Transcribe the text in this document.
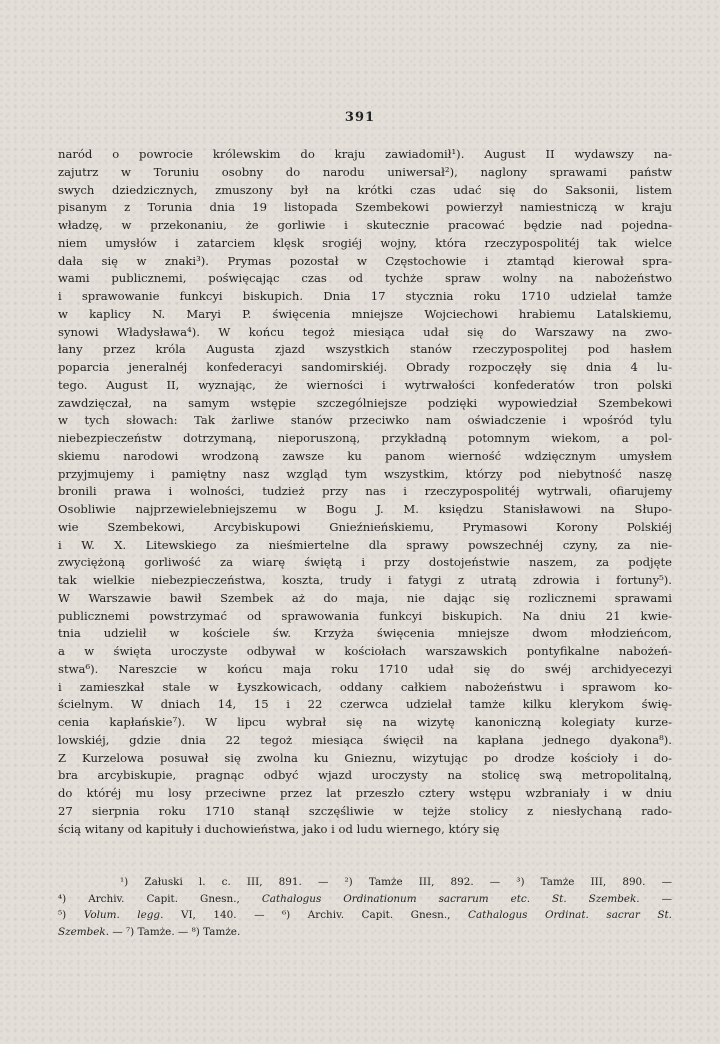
391
naród o powrocie królewskim do kraju zawiadomił¹). August II wydawszy na-
zajutrz w Toruniu osobny do narodu uniwersał²), naglony sprawami państw
swych dziedzicznych, zmuszony był na krótki czas udać się do Saksonii, listem
pisanym z Torunia dnia 19 listopada Szembekowi powierzył namiestniczą w kraju
władzę, w przekonaniu, że gorliwie i skutecznie pracować będzie nad pojedna-
niem umysłów i zatarciem klęsk srogiéj wojny, która rzeczypospolitéj tak wielce
dała się w znaki³). Prymas pozostał w Częstochowie i ztamtąd kierował spra-
wami publicznemi, poświęcając czas od tychże spraw wolny na nabożeństwo
i sprawowanie funkcyi biskupich. Dnia 17 stycznia roku 1710 udzielał tamże
w kaplicy N. Maryi P. święcenia mniejsze Wojciechowi hrabiemu Latalskiemu,
synowi Władysława⁴). W końcu tegoż miesiąca udał się do Warszawy na zwo-
łany przez króla Augusta zjazd wszystkich stanów rzeczypospolitej pod hasłem
poparcia jeneralnéj konfederacyi sandomirskiéj. Obrady rozpoczęły się dnia 4 lu-
tego. August II, wyznając, że wierności i wytrwałości konfederatów tron polski
zawdzięczał, na samym wstępie szczególniejsze podzięki wypowiedział Szembekowi
w tych słowach: Tak żarliwe stanów przeciwko nam oświadczenie i wpośród tylu
niebezpieczeństw dotrzymaną, nieporuszoną, przykładną potomnym wiekom, a pol-
skiemu narodowi wrodzoną zawsze ku panom wierność wdzięcznym umysłem
przyjmujemy i pamiętny nasz wzgląd tym wszystkim, którzy pod niebytność naszę
bronili prawa i wolności, tudzież przy nas i rzeczypospolitéj wytrwali, ofiarujemy
Osobliwie najprzewielebniejszemu w Bogu J. M. księdzu Stanisławowi na Słupo-
wie Szembekowi, Arcybiskupowi Gnieźnieńskiemu, Prymasowi Korony Polskiéj
i W. X. Litewskiego za nieśmiertelne dla sprawy powszechnéj czyny, za nie-
zwyciężoną gorliwość za wiarę świętą i przy dostojeństwie naszem, za podjęte
tak wielkie niebezpieczeństwa, koszta, trudy i fatygi z utratą zdrowia i fortuny⁵).
W Warszawie bawił Szembek aż do maja, nie dając się rozlicznemi sprawami
publicznemi powstrzymać od sprawowania funkcyi biskupich. Na dniu 21 kwie-
tnia udzielił w kościele św. Krzyża święcenia mniejsze dwom młodzieńcom,
a w święta uroczyste odbywał w kościołach warszawskich pontyfikalne nabożeń-
stwa⁶). Nareszcie w końcu maja roku 1710 udał się do swéj archidyecezyi
i zamieszkał stale w Łyszkowicach, oddany całkiem nabożeństwu i sprawom ko-
ścielnym. W dniach 14, 15 i 22 czerwca udzielał tamże kilku klerykom świę-
cenia kapłańskie⁷). W lipcu wybrał się na wizytę kanoniczną kolegiaty kurze-
lowskiéj, gdzie dnia 22 tegoż miesiąca święcił na kapłana jednego dyakona⁸).
Z Kurzelowa posuwał się zwolna ku Gnieznu, wizytując po drodze kościoły i do-
bra arcybiskupie, pragnąc odbyć wjazd uroczysty na stolicę swą metropolitalną,
do któréj mu losy przeciwne przez lat przeszło cztery wstępu wzbraniały i w dniu
27 sierpnia roku 1710 stanął szczęśliwie w tejże stolicy z niesłychaną rado-
ścią witany od kapituły i duchowieństwa, jako i od ludu wiernego, który się
¹) Załuski l. c. III, 891. — ²) Tamże III, 892. — ³) Tamże III, 890. —
⁴) Archiv. Capit. Gnesn., Cathalogus Ordinationum sacrarum etc. St. Szembek. —
⁵) Volum. legg. VI, 140. — ⁶) Archiv. Capit. Gnesn., Cathalogus Ordinat. sacrar St.
Szembek. — ⁷) Tamże. — ⁸) Tamże.
